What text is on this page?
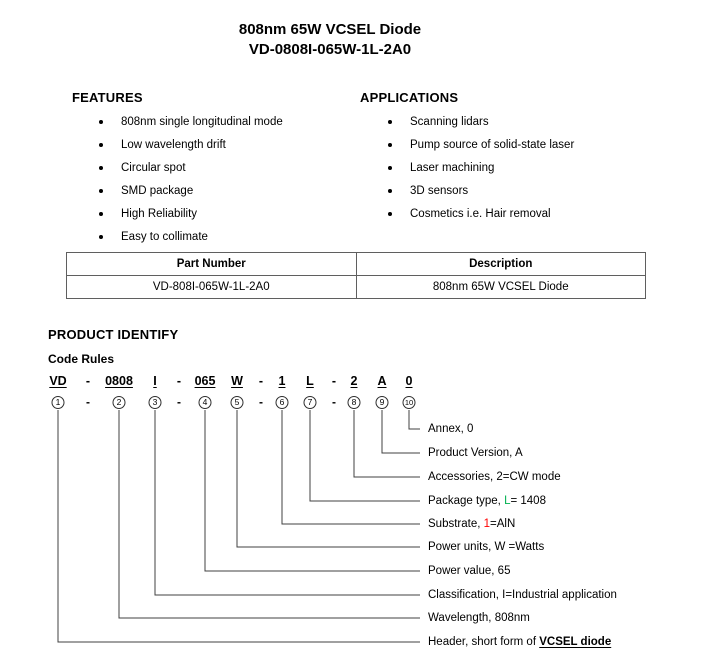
808nm 65W VCSEL Diode
VD-0808I-065W-1L-2A0
FEATURES
808nm single longitudinal mode
Low wavelength drift
Circular spot
SMD package
High Reliability
Easy to collimate
APPLICATIONS
Scanning lidars
Pump source of solid-state laser
Laser machining
3D sensors
Cosmetics i.e. Hair removal
Part Number	Description
VD-808I-065W-1L-2A0	808nm 65W VCSEL Diode
PRODUCT IDENTIFY
Code Rules
VD
1
0808
2
I
3
065
4
W
5
1
6
L
7
2
8
A
9
0
10
-
-
-
-
-
-
-
-
Annex, 0
Product Version, A
Accessories, 2=CW mode
Package type, L= 1408
Substrate, 1=AlN
Power units, W =Watts
Power value, 65
Classification, I=Industrial application
Wavelength, 808nm
Header, short form of VCSEL diode
